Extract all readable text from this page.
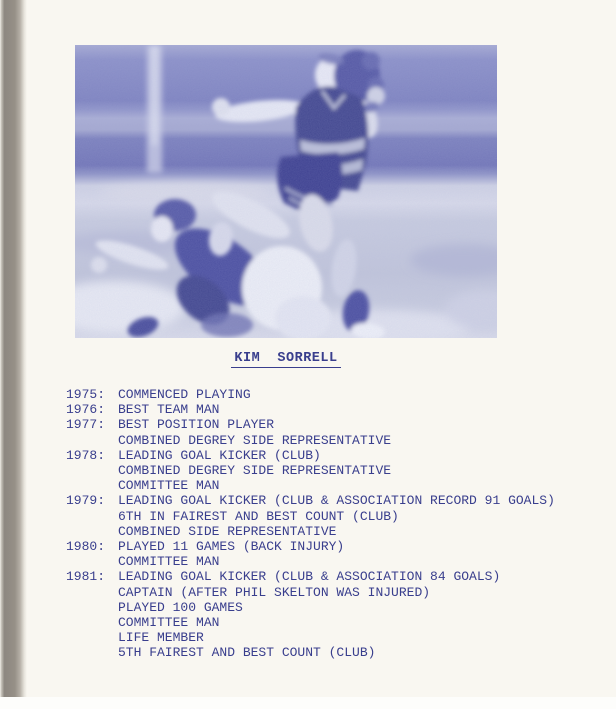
KIM  SORRELL
1975: COMMENCED PLAYING
1976: BEST TEAM MAN
1977: BEST POSITION PLAYER
COMBINED DEGREY SIDE REPRESENTATIVE
1978: LEADING GOAL KICKER (CLUB)
COMBINED DEGREY SIDE REPRESENTATIVE
COMMITTEE MAN
1979: LEADING GOAL KICKER (CLUB & ASSOCIATION RECORD 91 GOALS)
6TH IN FAIREST AND BEST COUNT (CLUB)
COMBINED SIDE REPRESENTATIVE
1980: PLAYED 11 GAMES (BACK INJURY)
COMMITTEE MAN
1981: LEADING GOAL KICKER (CLUB & ASSOCIATION 84 GOALS)
CAPTAIN (AFTER PHIL SKELTON WAS INJURED)
PLAYED 100 GAMES
COMMITTEE MAN
LIFE MEMBER
5TH FAIREST AND BEST COUNT (CLUB)
